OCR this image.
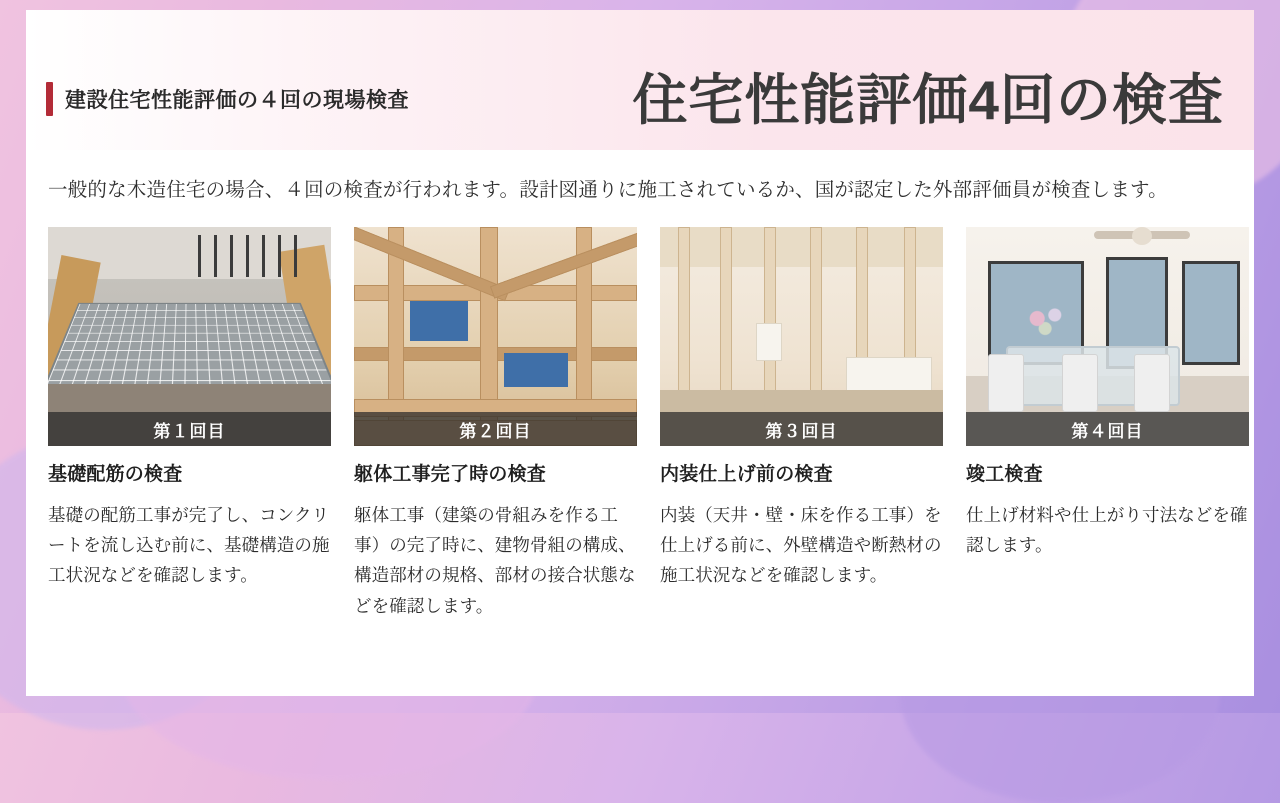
建設住宅性能評価の４回の現場検査	住宅性能評価4回の検査
一般的な木造住宅の場合、４回の検査が行われます。設計図通りに施工されているか、国が認定した外部評価員が検査します。
第１回目
基礎配筋の検査
基礎の配筋工事が完了し、コンクリートを流し込む前に、基礎構造の施工状況などを確認します。
第２回目
躯体工事完了時の検査
躯体工事（建築の骨組みを作る工事）の完了時に、建物骨組の構成、構造部材の規格、部材の接合状態などを確認します。
第３回目
内装仕上げ前の検査
内装（天井・壁・床を作る工事）を仕上げる前に、外壁構造や断熱材の施工状況などを確認します。
第４回目
竣工検査
仕上げ材料や仕上がり寸法などを確認します。
